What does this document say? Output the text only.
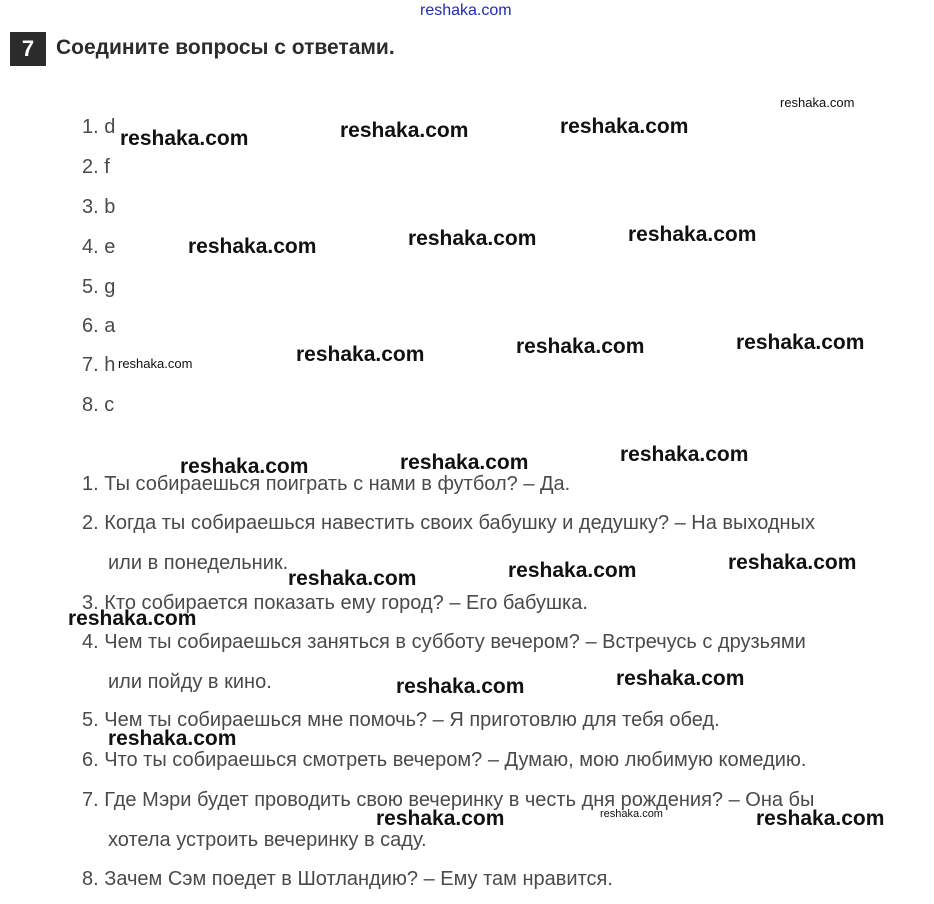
reshaka.com
7	Соедините вопросы с ответами.
1. d
2. f
3. b
4. e
5. g
6. a
7. h
8. c
1. Ты собираешься поиграть с нами в футбол? – Да.
2. Когда ты собираешься навестить своих бабушку и дедушку? – На выходных
или в понедельник.
3. Кто собирается показать ему город? – Его бабушка.
4. Чем ты собираешься заняться в субботу вечером? – Встречусь с друзьями
или пойду в кино.
5. Чем ты собираешься мне помочь? – Я приготовлю для тебя обед.
6. Что ты собираешься смотреть вечером? – Думаю, мою любимую комедию.
7. Где Мэри будет проводить свою вечеринку в честь дня рождения? – Она бы
хотела устроить вечеринку в саду.
8. Зачем Сэм поедет в Шотландию? – Ему там нравится.
reshaka.com
reshaka.com	reshaka.com	reshaka.com
reshaka.com	reshaka.com	reshaka.com
reshaka.com	reshaka.com	reshaka.com	reshaka.com
reshaka.com	reshaka.com	reshaka.com
reshaka.com	reshaka.com	reshaka.com
reshaka.com
reshaka.com	reshaka.com
reshaka.com
reshaka.com	reshaka.com	reshaka.com
